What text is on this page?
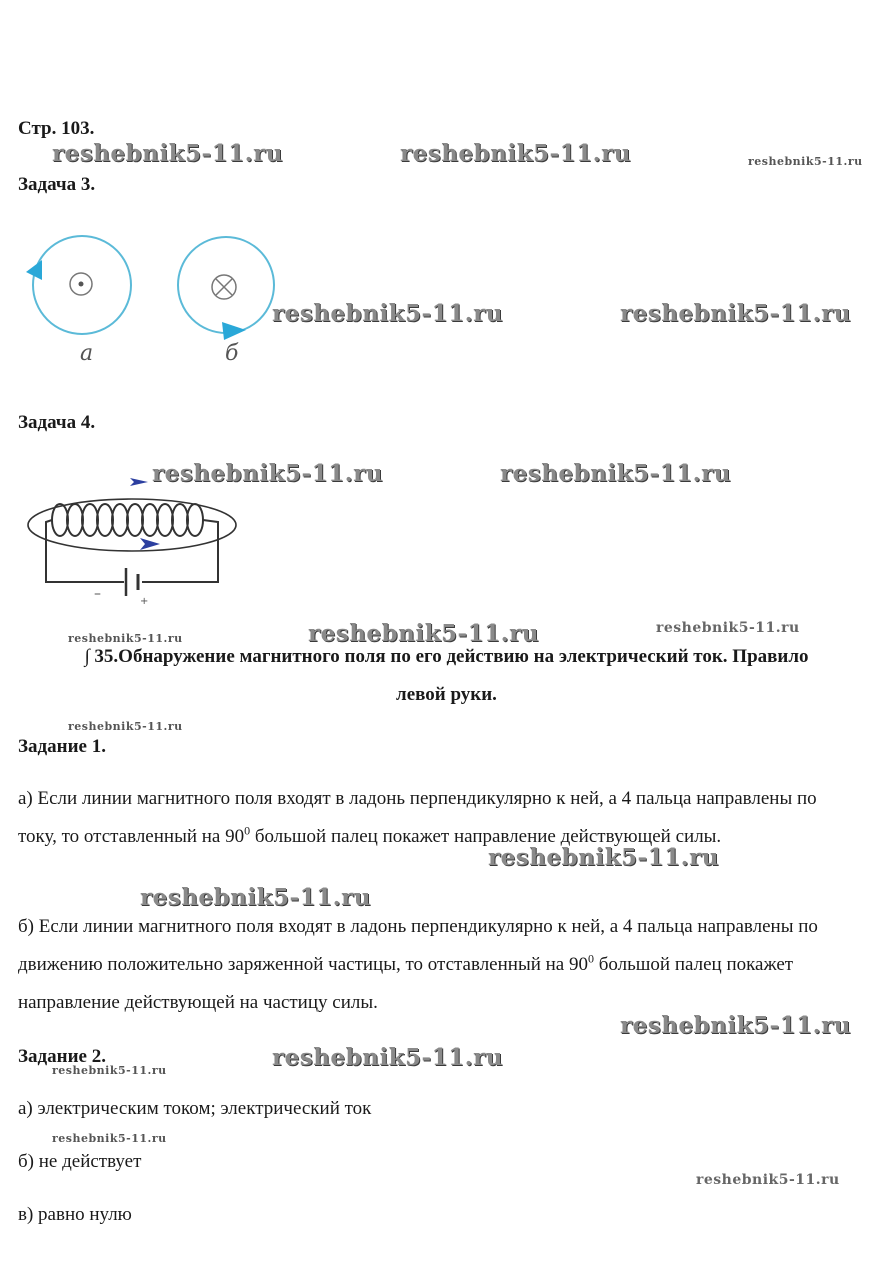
Стр. 103.
Задача 3.
а	б
Задача 4.
–	+
∫ 35.Обнаружение магнитного поля по его действию на электрический ток. Правило
левой руки.
Задание 1.
а) Если линии магнитного поля входят в ладонь перпендикулярно к ней, а 4 пальца направлены по току, то отставленный на $90^0$ большой палец покажет направление действующей силы.
б) Если линии магнитного поля входят в ладонь перпендикулярно к ней, а 4 пальца направлены по движению положительно заряженной частицы, то отставленный на $90^0$ большой палец покажет направление действующей на частицу силы.
Задание 2.
а) электрическим током; электрический ток
б) не действует
в) равно нулю
reshebnik5-11.ru	reshebnik5-11.ru	reshebnik5-11.ru
reshebnik5-11.ru	reshebnik5-11.ru
reshebnik5-11.ru	reshebnik5-11.ru
reshebnik5-11.ru	reshebnik5-11.ru	reshebnik5-11.ru
reshebnik5-11.ru
reshebnik5-11.ru
reshebnik5-11.ru
reshebnik5-11.ru
reshebnik5-11.ru
reshebnik5-11.ru
reshebnik5-11.ru
reshebnik5-11.ru
